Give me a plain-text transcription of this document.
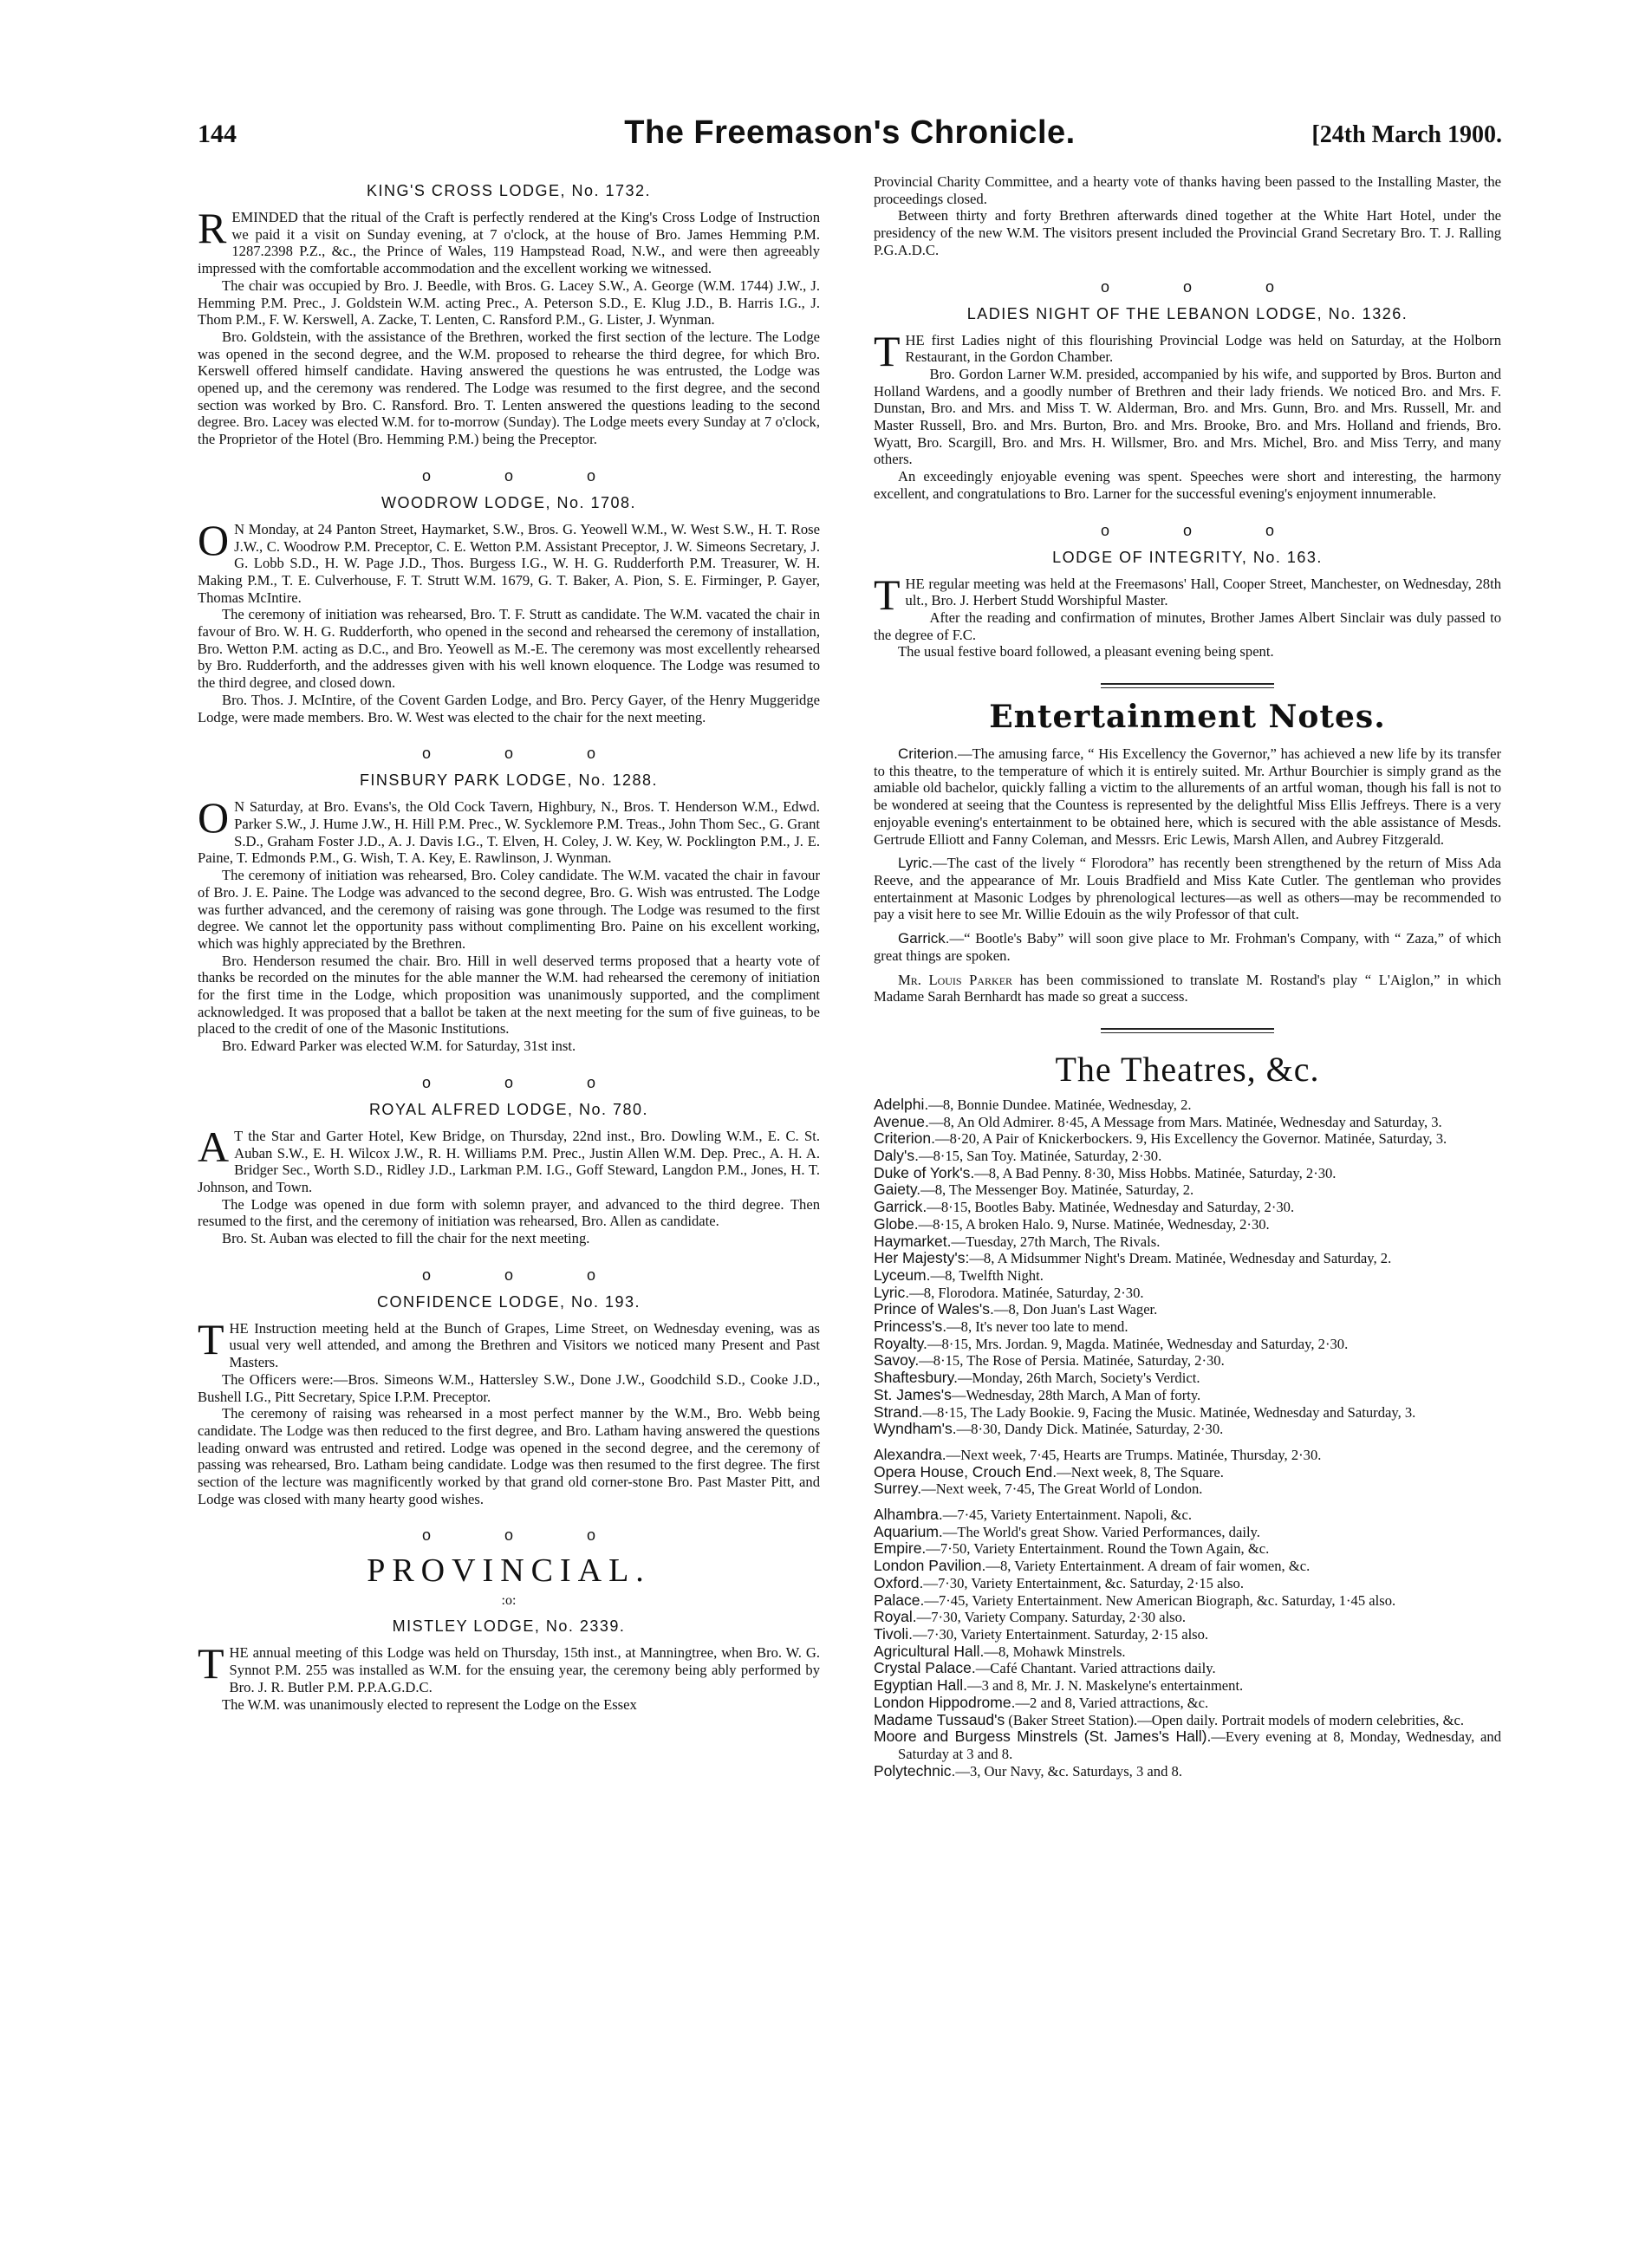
144	The Freemason's Chronicle.	[24th March 1900.
KING'S CROSS LODGE, No. 1732.

REMINDED that the ritual of the Craft is perfectly rendered at the King's Cross Lodge of Instruction we paid it a visit on Sunday evening, at 7 o'clock, at the house of Bro. James Hemming P.M. 1287.2398 P.Z., &c., the Prince of Wales, 119 Hampstead Road, N.W., and were then agreeably impressed with the comfortable accommodation and the excellent working we witnessed.

The chair was occupied by Bro. J. Beedle, with Bros. G. Lacey S.W., A. George (W.M. 1744) J.W., J. Hemming P.M. Prec., J. Goldstein W.M. acting Prec., A. Peterson S.D., E. Klug J.D., B. Harris I.G., J. Thom P.M., F. W. Kerswell, A. Zacke, T. Lenten, C. Ransford P.M., G. Lister, J. Wynman.

Bro. Goldstein, with the assistance of the Brethren, worked the first section of the lecture. The Lodge was opened in the second degree, and the W.M. proposed to rehearse the third degree, for which Bro. Kerswell offered himself candidate. Having answered the questions he was entrusted, the Lodge was opened up, and the ceremony was rendered. The Lodge was resumed to the first degree, and the second section was worked by Bro. C. Ransford. Bro. T. Lenten answered the questions leading to the second degree. Bro. Lacey was elected W.M. for to-morrow (Sunday). The Lodge meets every Sunday at 7 o'clock, the Proprietor of the Hotel (Bro. Hemming P.M.) being the Preceptor.

o o o
WOODROW LODGE, No. 1708.

O N Monday, at 24 Panton Street, Haymarket, S.W., Bros. G. Yeowell W.M., W. West S.W., H. T. Rose J.W., C. Woodrow P.M. Preceptor, C. E. Wetton P.M. Assistant Preceptor, J. W. Simeons Secretary, J. G. Lobb S.D., H. W. Page J.D., Thos. Burgess I.G., W. H. G. Rudderforth P.M. Treasurer, W. H. Making P.M., T. E. Culverhouse, F. T. Strutt W.M. 1679, G. T. Baker, A. Pion, S. E. Firminger, P. Gayer, Thomas McIntire.

The ceremony of initiation was rehearsed, Bro. T. F. Strutt as candidate. The W.M. vacated the chair in favour of Bro. W. H. G. Rudderforth, who opened in the second and rehearsed the ceremony of installation, Bro. Wetton P.M. acting as D.C., and Bro. Yeowell as M.-E. The ceremony was most excellently rehearsed by Bro. Rudderforth, and the addresses given with his well known eloquence. The Lodge was resumed to the third degree, and closed down.

Bro. Thos. J. McIntire, of the Covent Garden Lodge, and Bro. Percy Gayer, of the Henry Muggeridge Lodge, were made members. Bro. W. West was elected to the chair for the next meeting.

o o o
FINSBURY PARK LODGE, No. 1288.

O N Saturday, at Bro. Evans's, the Old Cock Tavern, Highbury, N., Bros. T. Henderson W.M., Edwd. Parker S.W., J. Hume J.W., H. Hill P.M. Prec., W. Sycklemore P.M. Treas., John Thom Sec., G. Grant S.D., Graham Foster J.D., A. J. Davis I.G., T. Elven, H. Coley, J. W. Key, W. Pocklington P.M., J. E. Paine, T. Edmonds P.M., G. Wish, T. A. Key, E. Rawlinson, J. Wynman.

The ceremony of initiation was rehearsed, Bro. Coley candidate. The W.M. vacated the chair in favour of Bro. J. E. Paine. The Lodge was advanced to the second degree, Bro. G. Wish was entrusted. The Lodge was further advanced, and the ceremony of raising was gone through. The Lodge was resumed to the first degree. We cannot let the opportunity pass without complimenting Bro. Paine on his excellent working, which was highly appreciated by the Brethren.

Bro. Henderson resumed the chair. Bro. Hill in well deserved terms proposed that a hearty vote of thanks be recorded on the minutes for the able manner the W.M. had rehearsed the ceremony of initiation for the first time in the Lodge, which proposition was unanimously supported, and the compliment acknowledged. It was proposed that a ballot be taken at the next meeting for the sum of five guineas, to be placed to the credit of one of the Masonic Institutions.

Bro. Edward Parker was elected W.M. for Saturday, 31st inst.

o o o
ROYAL ALFRED LODGE, No. 780.

A T the Star and Garter Hotel, Kew Bridge, on Thursday, 22nd inst., Bro. Dowling W.M., E. C. St. Auban S.W., E. H. Wilcox J.W., R. H. Williams P.M. Prec., Justin Allen W.M. Dep. Prec., A. H. A. Bridger Sec., Worth S.D., Ridley J.D., Larkman P.M. I.G., Goff Steward, Langdon P.M., Jones, H. T. Johnson, and Town.

The Lodge was opened in due form with solemn prayer, and advanced to the third degree. Then resumed to the first, and the ceremony of initiation was rehearsed, Bro. Allen as candidate.

Bro. St. Auban was elected to fill the chair for the next meeting.

o o o
CONFIDENCE LODGE, No. 193.

THE Instruction meeting held at the Bunch of Grapes, Lime Street, on Wednesday evening, was as usual very well attended, and among the Brethren and Visitors we noticed many Present and Past Masters.

The Officers were:—Bros. Simeons W.M., Hattersley S.W., Done J.W., Goodchild S.D., Cooke J.D., Bushell I.G., Pitt Secretary, Spice I.P.M. Preceptor.

The ceremony of raising was rehearsed in a most perfect manner by the W.M., Bro. Webb being candidate. The Lodge was then reduced to the first degree, and Bro. Latham having answered the questions leading onward was entrusted and retired. Lodge was opened in the second degree, and the ceremony of passing was rehearsed, Bro. Latham being candidate. Lodge was then resumed to the first degree. The first section of the lecture was magnificently worked by that grand old corner-stone Bro. Past Master Pitt, and Lodge was closed with many hearty good wishes.

o o o
PROVINCIAL.
:o:
MISTLEY LODGE, No. 2339.

THE annual meeting of this Lodge was held on Thursday, 15th inst., at Manningtree, when Bro. W. G. Synnot P.M. 255 was installed as W.M. for the ensuing year, the ceremony being ably performed by Bro. J. R. Butler P.M. P.P.A.G.D.C.

The W.M. was unanimously elected to represent the Lodge on the Essex

Provincial Charity Committee, and a hearty vote of thanks having been passed to the Installing Master, the proceedings closed.

Between thirty and forty Brethren afterwards dined together at the White Hart Hotel, under the presidency of the new W.M. The visitors present included the Provincial Grand Secretary Bro. T. J. Ralling P.G.A.D.C.

o o o
LADIES NIGHT OF THE LEBANON LODGE, No. 1326.

THE first Ladies night of this flourishing Provincial Lodge was held on Saturday, at the Holborn Restaurant, in the Gordon Chamber.

Bro. Gordon Larner W.M. presided, accompanied by his wife, and supported by Bros. Burton and Holland Wardens, and a goodly number of Brethren and their lady friends. We noticed Bro. and Mrs. F. Dunstan, Bro. and Mrs. and Miss T. W. Alderman, Bro. and Mrs. Gunn, Bro. and Mrs. Russell, Mr. and Master Russell, Bro. and Mrs. Burton, Bro. and Mrs. Brooke, Bro. and Mrs. Holland and friends, Bro. Wyatt, Bro. Scargill, Bro. and Mrs. H. Willsmer, Bro. and Mrs. Michel, Bro. and Miss Terry, and many others.

An exceedingly enjoyable evening was spent. Speeches were short and interesting, the harmony excellent, and congratulations to Bro. Larner for the successful evening's enjoyment innumerable.

o o o
LODGE OF INTEGRITY, No. 163.

THE regular meeting was held at the Freemasons' Hall, Cooper Street, Manchester, on Wednesday, 28th ult., Bro. J. Herbert Studd Worshipful Master.

After the reading and confirmation of minutes, Brother James Albert Sinclair was duly passed to the degree of F.C.

The usual festive board followed, a pleasant evening being spent.

Entertainment Notes.

Criterion.—The amusing farce, “ His Excellency the Governor,” has achieved a new life by its transfer to this theatre, to the temperature of which it is entirely suited. Mr. Arthur Bourchier is simply grand as the amiable old bachelor, quickly falling a victim to the allurements of an artful woman, though his fall is not to be wondered at seeing that the Countess is represented by the delightful Miss Ellis Jeffreys. There is a very enjoyable evening's entertainment to be obtained here, which is secured with the able assistance of Mesds. Gertrude Elliott and Fanny Coleman, and Messrs. Eric Lewis, Marsh Allen, and Aubrey Fitzgerald.

Lyric.—The cast of the lively “ Florodora” has recently been strengthened by the return of Miss Ada Reeve, and the appearance of Mr. Louis Bradfield and Miss Kate Cutler. The gentleman who provides entertainment at Masonic Lodges by phrenological lectures—as well as others—may be recommended to pay a visit here to see Mr. Willie Edouin as the wily Professor of that cult.

Garrick.—“ Bootle's Baby” will soon give place to Mr. Frohman's Company, with “ Zaza,” of which great things are spoken.

Mr. Louis Parker has been commissioned to translate M. Rostand's play “ L'Aiglon,” in which Madame Sarah Bernhardt has made so great a success.

The Theatres, &c.

Adelphi.—8, Bonnie Dundee. Matinée, Wednesday, 2.

Avenue.—8, An Old Admirer. 8·45, A Message from Mars. Matinée, Wednesday and Saturday, 3.

Criterion.—8·20, A Pair of Knickerbockers. 9, His Excellency the Governor. Matinée, Saturday, 3.

Daly's.—8·15, San Toy. Matinée, Saturday, 2·30.

Duke of York's.—8, A Bad Penny. 8·30, Miss Hobbs. Matinée, Saturday, 2·30.

Gaiety.—8, The Messenger Boy. Matinée, Saturday, 2.

Garrick.—8·15, Bootles Baby. Matinée, Wednesday and Saturday, 2·30.

Globe.—8·15, A broken Halo. 9, Nurse. Matinée, Wednesday, 2·30.

Haymarket.—Tuesday, 27th March, The Rivals.

Her Majesty's:—8, A Midsummer Night's Dream. Matinée, Wednesday and Saturday, 2.

Lyceum.—8, Twelfth Night.

Lyric.—8, Florodora. Matinée, Saturday, 2·30.

Prince of Wales's.—8, Don Juan's Last Wager.

Princess's.—8, It's never too late to mend.

Royalty.—8·15, Mrs. Jordan. 9, Magda. Matinée, Wednesday and Saturday, 2·30.

Savoy.—8·15, The Rose of Persia. Matinée, Saturday, 2·30.

Shaftesbury.—Monday, 26th March, Society's Verdict.

St. James's—Wednesday, 28th March, A Man of forty.

Strand.—8·15, The Lady Bookie. 9, Facing the Music. Matinée, Wednesday and Saturday, 3.

Wyndham's.—8·30, Dandy Dick. Matinée, Saturday, 2·30.

Alexandra.—Next week, 7·45, Hearts are Trumps. Matinée, Thursday, 2·30.

Opera House, Crouch End.—Next week, 8, The Square.

Surrey.—Next week, 7·45, The Great World of London.

Alhambra.—7·45, Variety Entertainment. Napoli, &c.

Aquarium.—The World's great Show. Varied Performances, daily.

Empire.—7·50, Variety Entertainment. Round the Town Again, &c.

London Pavilion.—8, Variety Entertainment. A dream of fair women, &c.

Oxford.—7·30, Variety Entertainment, &c. Saturday, 2·15 also.

Palace.—7·45, Variety Entertainment. New American Biograph, &c. Saturday, 1·45 also.

Royal.—7·30, Variety Company. Saturday, 2·30 also.

Tivoli.—7·30, Variety Entertainment. Saturday, 2·15 also.

Agricultural Hall.—8, Mohawk Minstrels.

Crystal Palace.—Café Chantant. Varied attractions daily.

Egyptian Hall.—3 and 8, Mr. J. N. Maskelyne's entertainment.

London Hippodrome.—2 and 8, Varied attractions, &c.

Madame Tussaud's (Baker Street Station).—Open daily. Portrait models of modern celebrities, &c.

Moore and Burgess Minstrels (St. James's Hall).—Every evening at 8, Monday, Wednesday, and Saturday at 3 and 8.

Polytechnic.—3, Our Navy, &c. Saturdays, 3 and 8.
